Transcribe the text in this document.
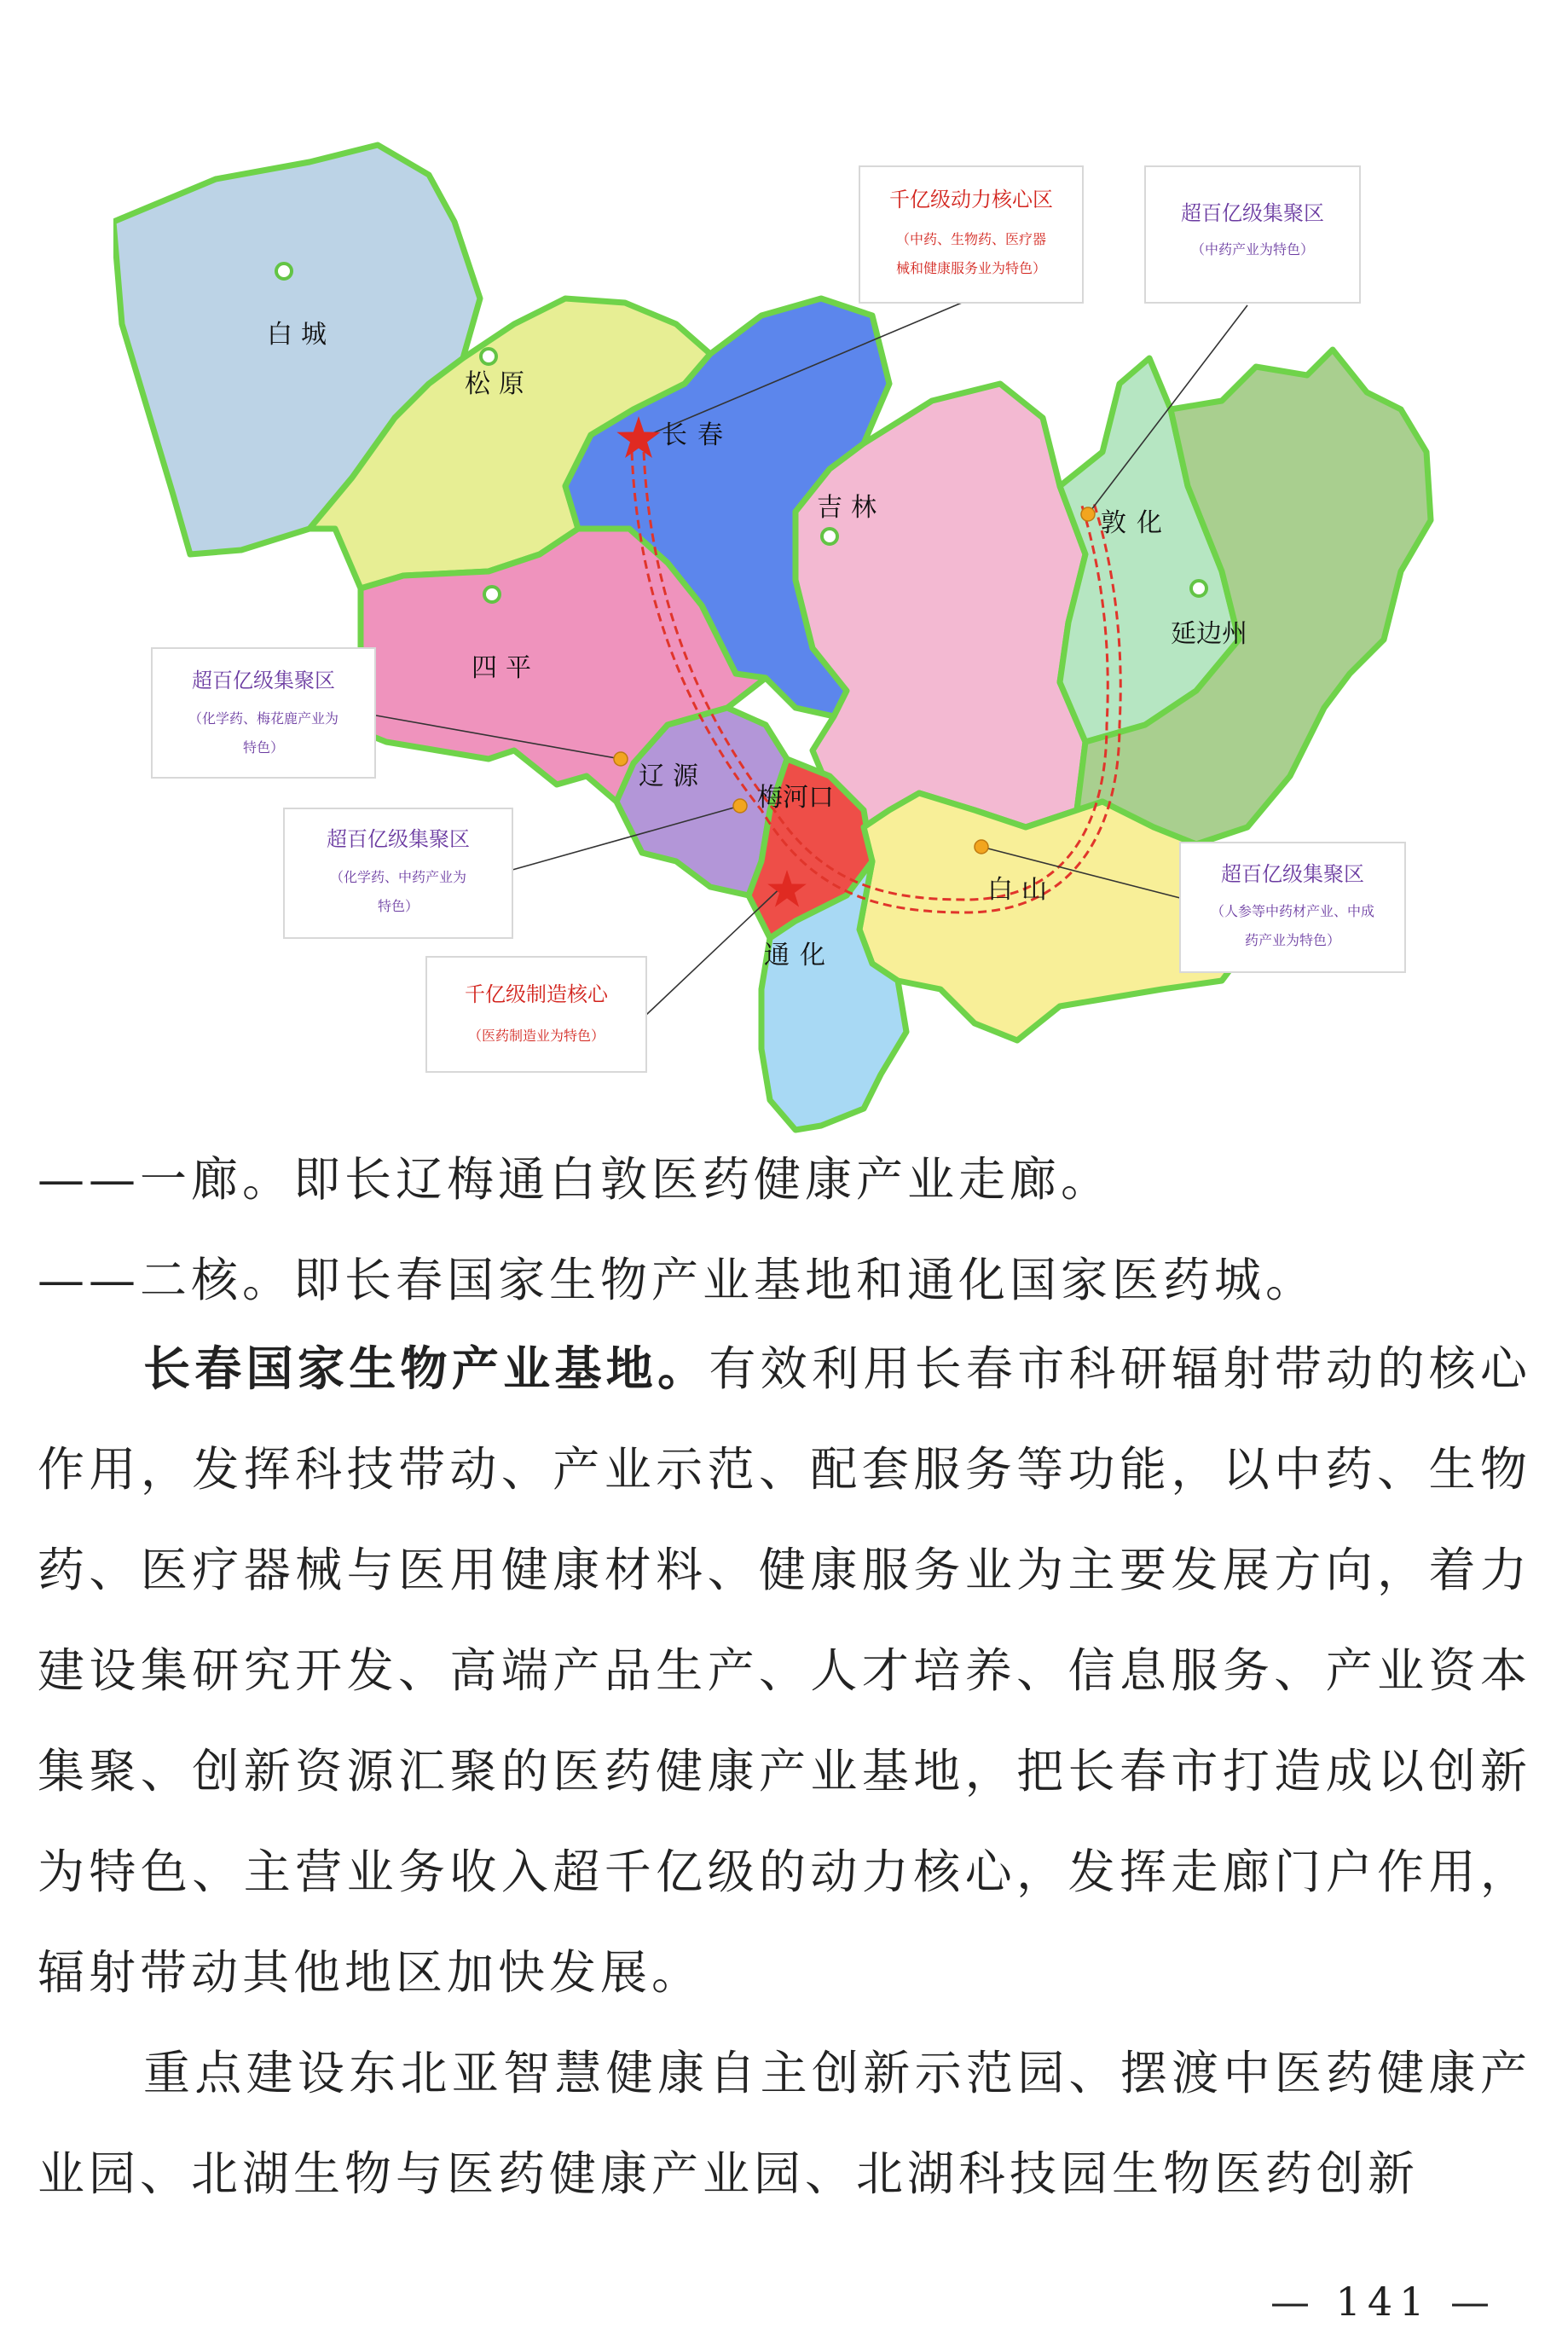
白城
松原
长春
吉林
敦化
延边州
四平
辽源
梅河口
白山
通化
千亿级动力核心区
（中药、生物药、医疗器
械和健康服务业为特色）
超百亿级集聚区
（中药产业为特色）
超百亿级集聚区
（化学药、梅花鹿产业为
特色）
超百亿级集聚区
（化学药、中药产业为
特色）
超百亿级集聚区
（人参等中药材产业、中成
药产业为特色）
千亿级制造核心
（医药制造业为特色）
——一廊。即长辽梅通白敦医药健康产业走廊。
——二核。即长春国家生物产业基地和通化国家医药城。

长春国家生物产业基地。有效利用长春市科研辐射带动的核心作用，发挥科技带动、产业示范、配套服务等功能，以中药、生物药、医疗器械与医用健康材料、健康服务业为主要发展方向，着力建设集研究开发、高端产品生产、人才培养、信息服务、产业资本集聚、创新资源汇聚的医药健康产业基地，把长春市打造成以创新为特色、主营业务收入超千亿级的动力核心，发挥走廊门户作用，辐射带动其他地区加快发展。

重点建设东北亚智慧健康自主创新示范园、摆渡中医药健康产业园、北湖生物与医药健康产业园、北湖科技园生物医药创新

— 141 —
